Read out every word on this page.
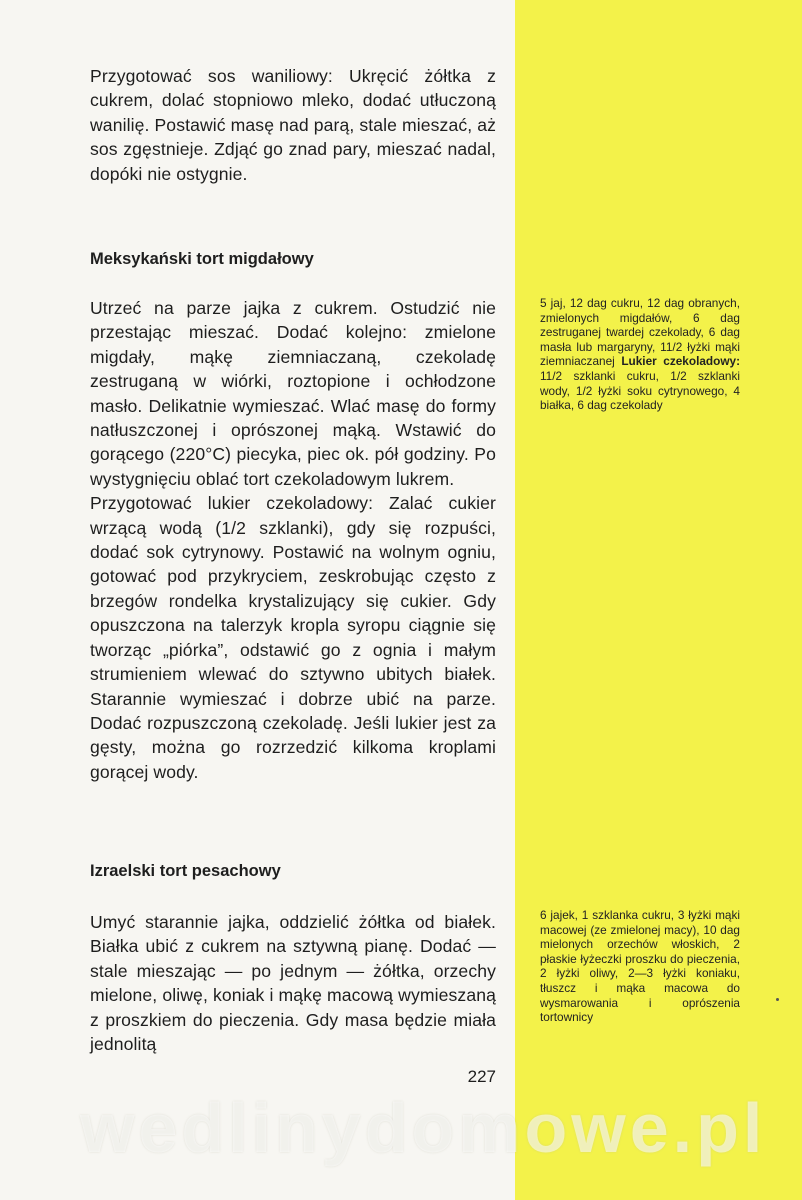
Przygotować sos waniliowy: Ukręcić żółtka z cukrem, dolać stopniowo mleko, dodać utłuczoną wanilię. Postawić masę nad parą, stale mieszać, aż sos zgęstnieje. Zdjąć go znad pary, mieszać nadal, dopóki nie ostygnie.

Meksykański tort migdałowy

Utrzeć na parze jajka z cukrem. Ostudzić nie przestając mieszać. Dodać kolejno: zmielone migdały, mąkę ziemniaczaną, czekoladę zestruganą w wiórki, roztopione i ochłodzone masło. Delikatnie wymieszać. Wlać masę do formy natłuszczonej i oprószonej mąką. Wstawić do gorącego (220°C) piecyka, piec ok. pół godziny. Po wystygnięciu oblać tort czekoladowym lukrem.

Przygotować lukier czekoladowy: Zalać cukier wrzącą wodą (1/2 szklanki), gdy się rozpuści, dodać sok cytrynowy. Postawić na wolnym ogniu, gotować pod przykryciem, zeskrobując często z brzegów rondelka krystalizujący się cukier. Gdy opuszczona na talerzyk kropla syropu ciągnie się tworząc „piórka”, odstawić go z ognia i małym strumieniem wlewać do sztywno ubitych białek. Starannie wymieszać i dobrze ubić na parze. Dodać rozpuszczoną czekoladę. Jeśli lukier jest za gęsty, można go rozrzedzić kilkoma kroplami gorącej wody.

5 jaj, 12 dag cukru, 12 dag obranych, zmielonych migdałów, 6 dag zestruganej twardej czekolady, 6 dag masła lub margaryny, 11/2 łyżki mąki ziemniaczanej Lukier czekoladowy: 11/2 szklanki cukru, 1/2 szklanki wody, 1/2 łyżki soku cytrynowego, 4 białka, 6 dag czekolady
Izraelski tort pesachowy

Umyć starannie jajka, oddzielić żółtka od białek. Białka ubić z cukrem na sztywną pianę. Dodać — stale mieszając — po jednym — żółtka, orzechy mielone, oliwę, koniak i mąkę macową wymieszaną z proszkiem do pieczenia. Gdy masa będzie miała jednolitą

6 jajek, 1 szklanka cukru, 3 łyżki mąki macowej (ze zmielonej macy), 10 dag mielonych orzechów włoskich, 2 płaskie łyżeczki proszku do pieczenia, 2 łyżki oliwy, 2—3 łyżki koniaku, tłuszcz i mąka macowa do wysmarowania i oprószenia tortownicy
227
wedlinydomowe.pl
